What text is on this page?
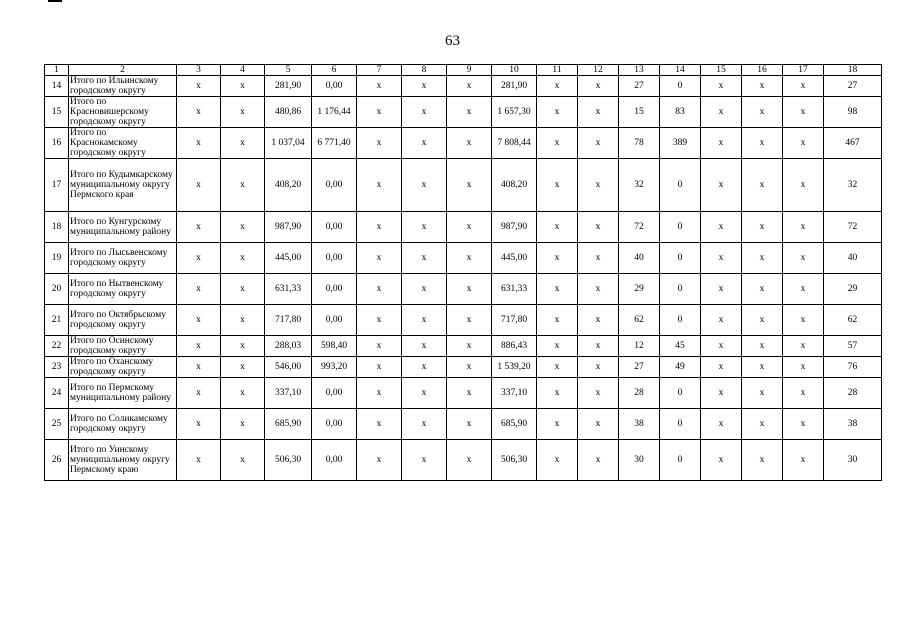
63
1	2	3	4	5	6	7	8	9	10	11	12	13	14	15	16	17	18
14	Итого по Ильинскому городскому округу	х	х	281,90	0,00	х	х	х	281,90	х	х	27	0	х	х	х	27
15	Итого по Красновишерскому городскому округу	х	х	480,86	1 176,44	х	х	х	1 657,30	х	х	15	83	х	х	х	98
16	Итого по Краснокамскому городскому округу	х	х	1 037,04	6 771,40	х	х	х	7 808,44	х	х	78	389	х	х	х	467
17	Итого по Кудымкарскому муниципальному округу Пермского края	х	х	408,20	0,00	х	х	х	408,20	х	х	32	0	х	х	х	32
18	Итого по Кунгурскому муниципальному району	х	х	987,90	0,00	х	х	х	987,90	х	х	72	0	х	х	х	72
19	Итого по Лысьвенскому городскому округу	х	х	445,00	0,00	х	х	х	445,00	х	х	40	0	х	х	х	40
20	Итого по Нытвенскому городскому округу	х	х	631,33	0,00	х	х	х	631,33	х	х	29	0	х	х	х	29
21	Итого по Октябрьскому городскому округу	х	х	717,80	0,00	х	х	х	717,80	х	х	62	0	х	х	х	62
22	Итого по Осинскому городскому округу	х	х	288,03	598,40	х	х	х	886,43	х	х	12	45	х	х	х	57
23	Итого по Оханскому городскому округу	х	х	546,00	993,20	х	х	х	1 539,20	х	х	27	49	х	х	х	76
24	Итого по Пермскому муниципальному району	х	х	337,10	0,00	х	х	х	337,10	х	х	28	0	х	х	х	28
25	Итого по Соликамскому городскому округу	х	х	685,90	0,00	х	х	х	685,90	х	х	38	0	х	х	х	38
26	Итого по Уинскому муниципальному округу Пермскому краю	х	х	506,30	0,00	х	х	х	506,30	х	х	30	0	х	х	х	30
